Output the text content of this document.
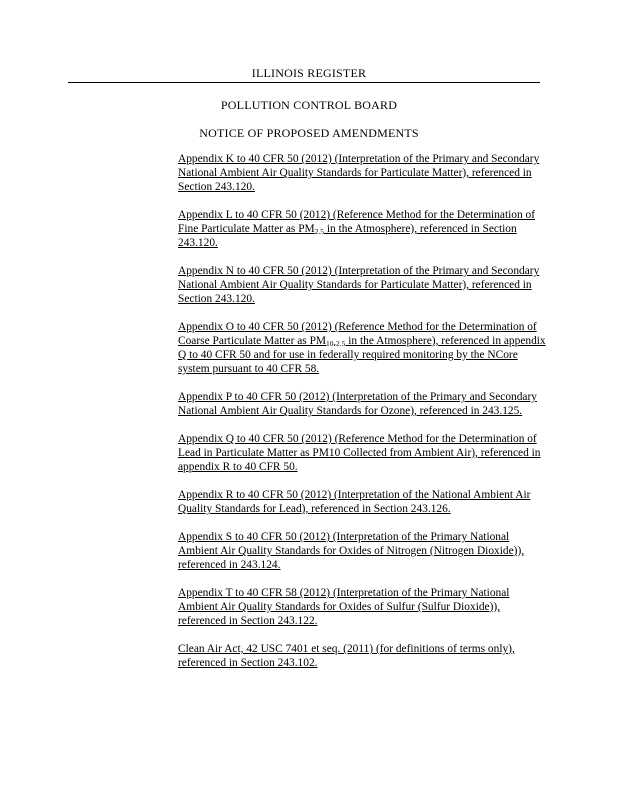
ILLINOIS REGISTER
POLLUTION CONTROL BOARD
NOTICE OF PROPOSED AMENDMENTS

Appendix K to 40 CFR 50 (2012) (Interpretation of the Primary and Secondary National Ambient Air Quality Standards for Particulate Matter), referenced in Section 243.120.

Appendix L to 40 CFR 50 (2012) (Reference Method for the Determination of Fine Particulate Matter as $PM_{2.5}$ in the Atmosphere), referenced in Section 243.120.

Appendix N to 40 CFR 50 (2012) (Interpretation of the Primary and Secondary National Ambient Air Quality Standards for Particulate Matter), referenced in Section 243.120.

Appendix O to 40 CFR 50 (2012) (Reference Method for the Determination of Coarse Particulate Matter as $PM_{10-2.5}$ in the Atmosphere), referenced in appendix Q to 40 CFR 50 and for use in federally required monitoring by the NCore system pursuant to 40 CFR 58.

Appendix P to 40 CFR 50 (2012) (Interpretation of the Primary and Secondary National Ambient Air Quality Standards for Ozone), referenced in 243.125.

Appendix Q to 40 CFR 50 (2012) (Reference Method for the Determination of Lead in Particulate Matter as PM10 Collected from Ambient Air), referenced in appendix R to 40 CFR 50.

Appendix R to 40 CFR 50 (2012) (Interpretation of the National Ambient Air Quality Standards for Lead), referenced in Section 243.126.

Appendix S to 40 CFR 50 (2012) (Interpretation of the Primary National Ambient Air Quality Standards for Oxides of Nitrogen (Nitrogen Dioxide)), referenced in 243.124.

Appendix T to 40 CFR 58 (2012) (Interpretation of the Primary National Ambient Air Quality Standards for Oxides of Sulfur (Sulfur Dioxide)), referenced in Section 243.122.

Clean Air Act, 42 USC 7401 et seq. (2011) (for definitions of terms only), referenced in Section 243.102.
